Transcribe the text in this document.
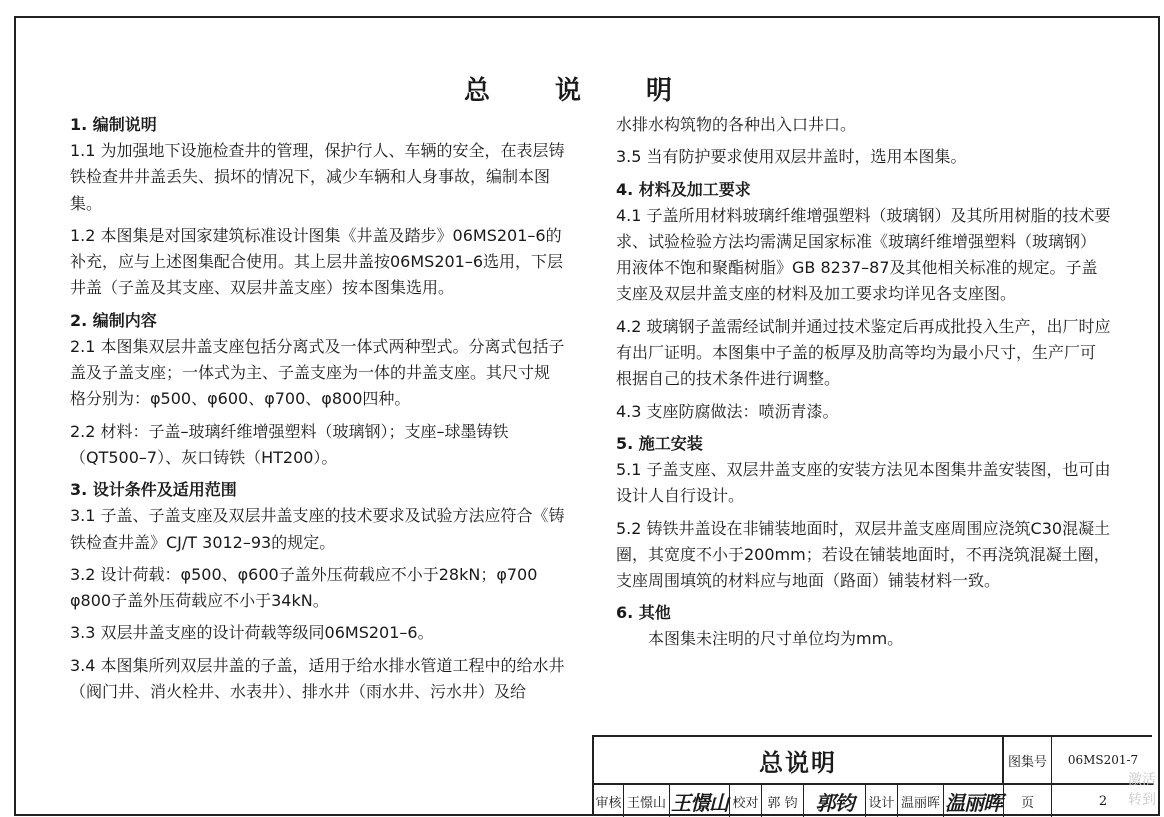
总 说 明

1. 编制说明

1.1 为加强地下设施检查井的管理，保护行人、车辆的安全，在表层铸铁检查井井盖丢失、损坏的情况下，减少车辆和人身事故，编制本图集。

1.2 本图集是对国家建筑标准设计图集《井盖及踏步》06MS201–6的补充，应与上述图集配合使用。其上层井盖按06MS201–6选用，下层井盖（子盖及其支座、双层井盖支座）按本图集选用。

2. 编制内容

2.1 本图集双层井盖支座包括分离式及一体式两种型式。分离式包括子盖及子盖支座；一体式为主、子盖支座为一体的井盖支座。其尺寸规格分别为：φ500、φ600、φ700、φ800四种。

2.2 材料：子盖–玻璃纤维增强塑料（玻璃钢）；支座–球墨铸铁（QT500–7）、灰口铸铁（HT200）。

3. 设计条件及适用范围

3.1 子盖、子盖支座及双层井盖支座的技术要求及试验方法应符合《铸铁检查井盖》CJ/T 3012–93的规定。

3.2 设计荷载：φ500、φ600子盖外压荷载应不小于28kN；φ700 φ800子盖外压荷载应不小于34kN。

3.3 双层井盖支座的设计荷载等级同06MS201–6。

3.4 本图集所列双层井盖的子盖，适用于给水排水管道工程中的给水井（阀门井、消火栓井、水表井）、排水井（雨水井、污水井）及给

水排水构筑物的各种出入口井口。

3.5 当有防护要求使用双层井盖时，选用本图集。

4. 材料及加工要求

4.1 子盖所用材料玻璃纤维增强塑料（玻璃钢）及其所用树脂的技术要求、试验检验方法均需满足国家标准《玻璃纤维增强塑料（玻璃钢）用液体不饱和聚酯树脂》GB 8237–87及其他相关标准的规定。子盖支座及双层井盖支座的材料及加工要求均详见各支座图。

4.2 玻璃钢子盖需经试制并通过技术鉴定后再成批投入生产，出厂时应有出厂证明。本图集中子盖的板厚及肋高等均为最小尺寸，生产厂可根据自己的技术条件进行调整。

4.3 支座防腐做法：喷沥青漆。

5. 施工安装

5.1 子盖支座、双层井盖支座的安装方法见本图集井盖安装图，也可由设计人自行设计。

5.2 铸铁井盖设在非铺装地面时，双层井盖支座周围应浇筑C30混凝土圈，其宽度不小于200mm；若设在铺装地面时，不再浇筑混凝土圈，支座周围填筑的材料应与地面（路面）铺装材料一致。

6. 其他

本图集未注明的尺寸单位均为mm。

总说明	图集号	06MS201-7
审核 王憬山 王憬山 校对 郭 钧 郭钧	设计 温丽晖 温丽晖	页	2
激活 转到
